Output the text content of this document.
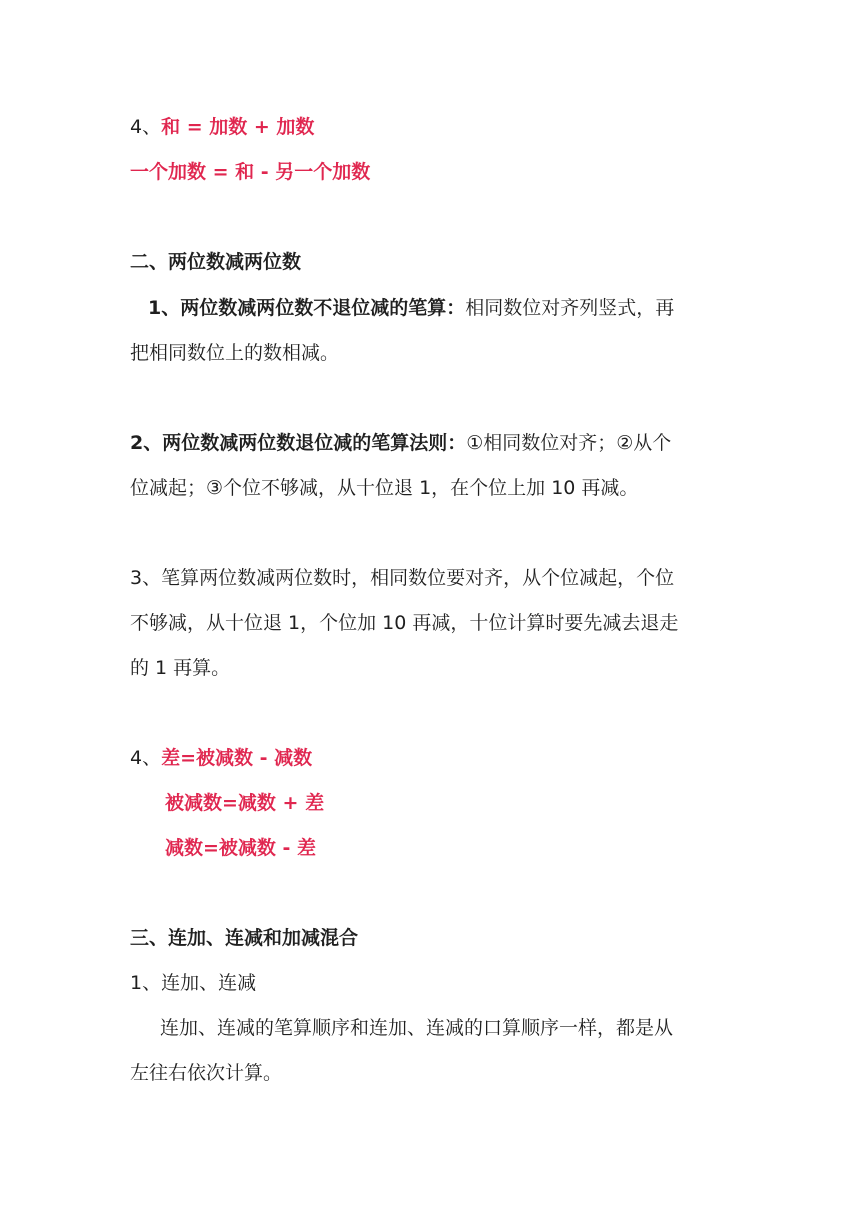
4、和 = 加数 + 加数
一个加数 = 和 - 另一个加数
二、两位数减两位数
1、两位数减两位数不退位减的笔算：相同数位对齐列竖式，再
把相同数位上的数相减。
2、两位数减两位数退位减的笔算法则：①相同数位对齐；②从个
位减起；③个位不够减，从十位退 1，在个位上加 10 再减。
3、笔算两位数减两位数时，相同数位要对齐，从个位减起，个位
不够减，从十位退 1，个位加 10 再减，十位计算时要先减去退走
的 1 再算。
4、差=被减数 - 减数
被减数=减数 + 差
减数=被减数 - 差
三、连加、连减和加减混合
1、连加、连减
连加、连减的笔算顺序和连加、连减的口算顺序一样，都是从
左往右依次计算。
